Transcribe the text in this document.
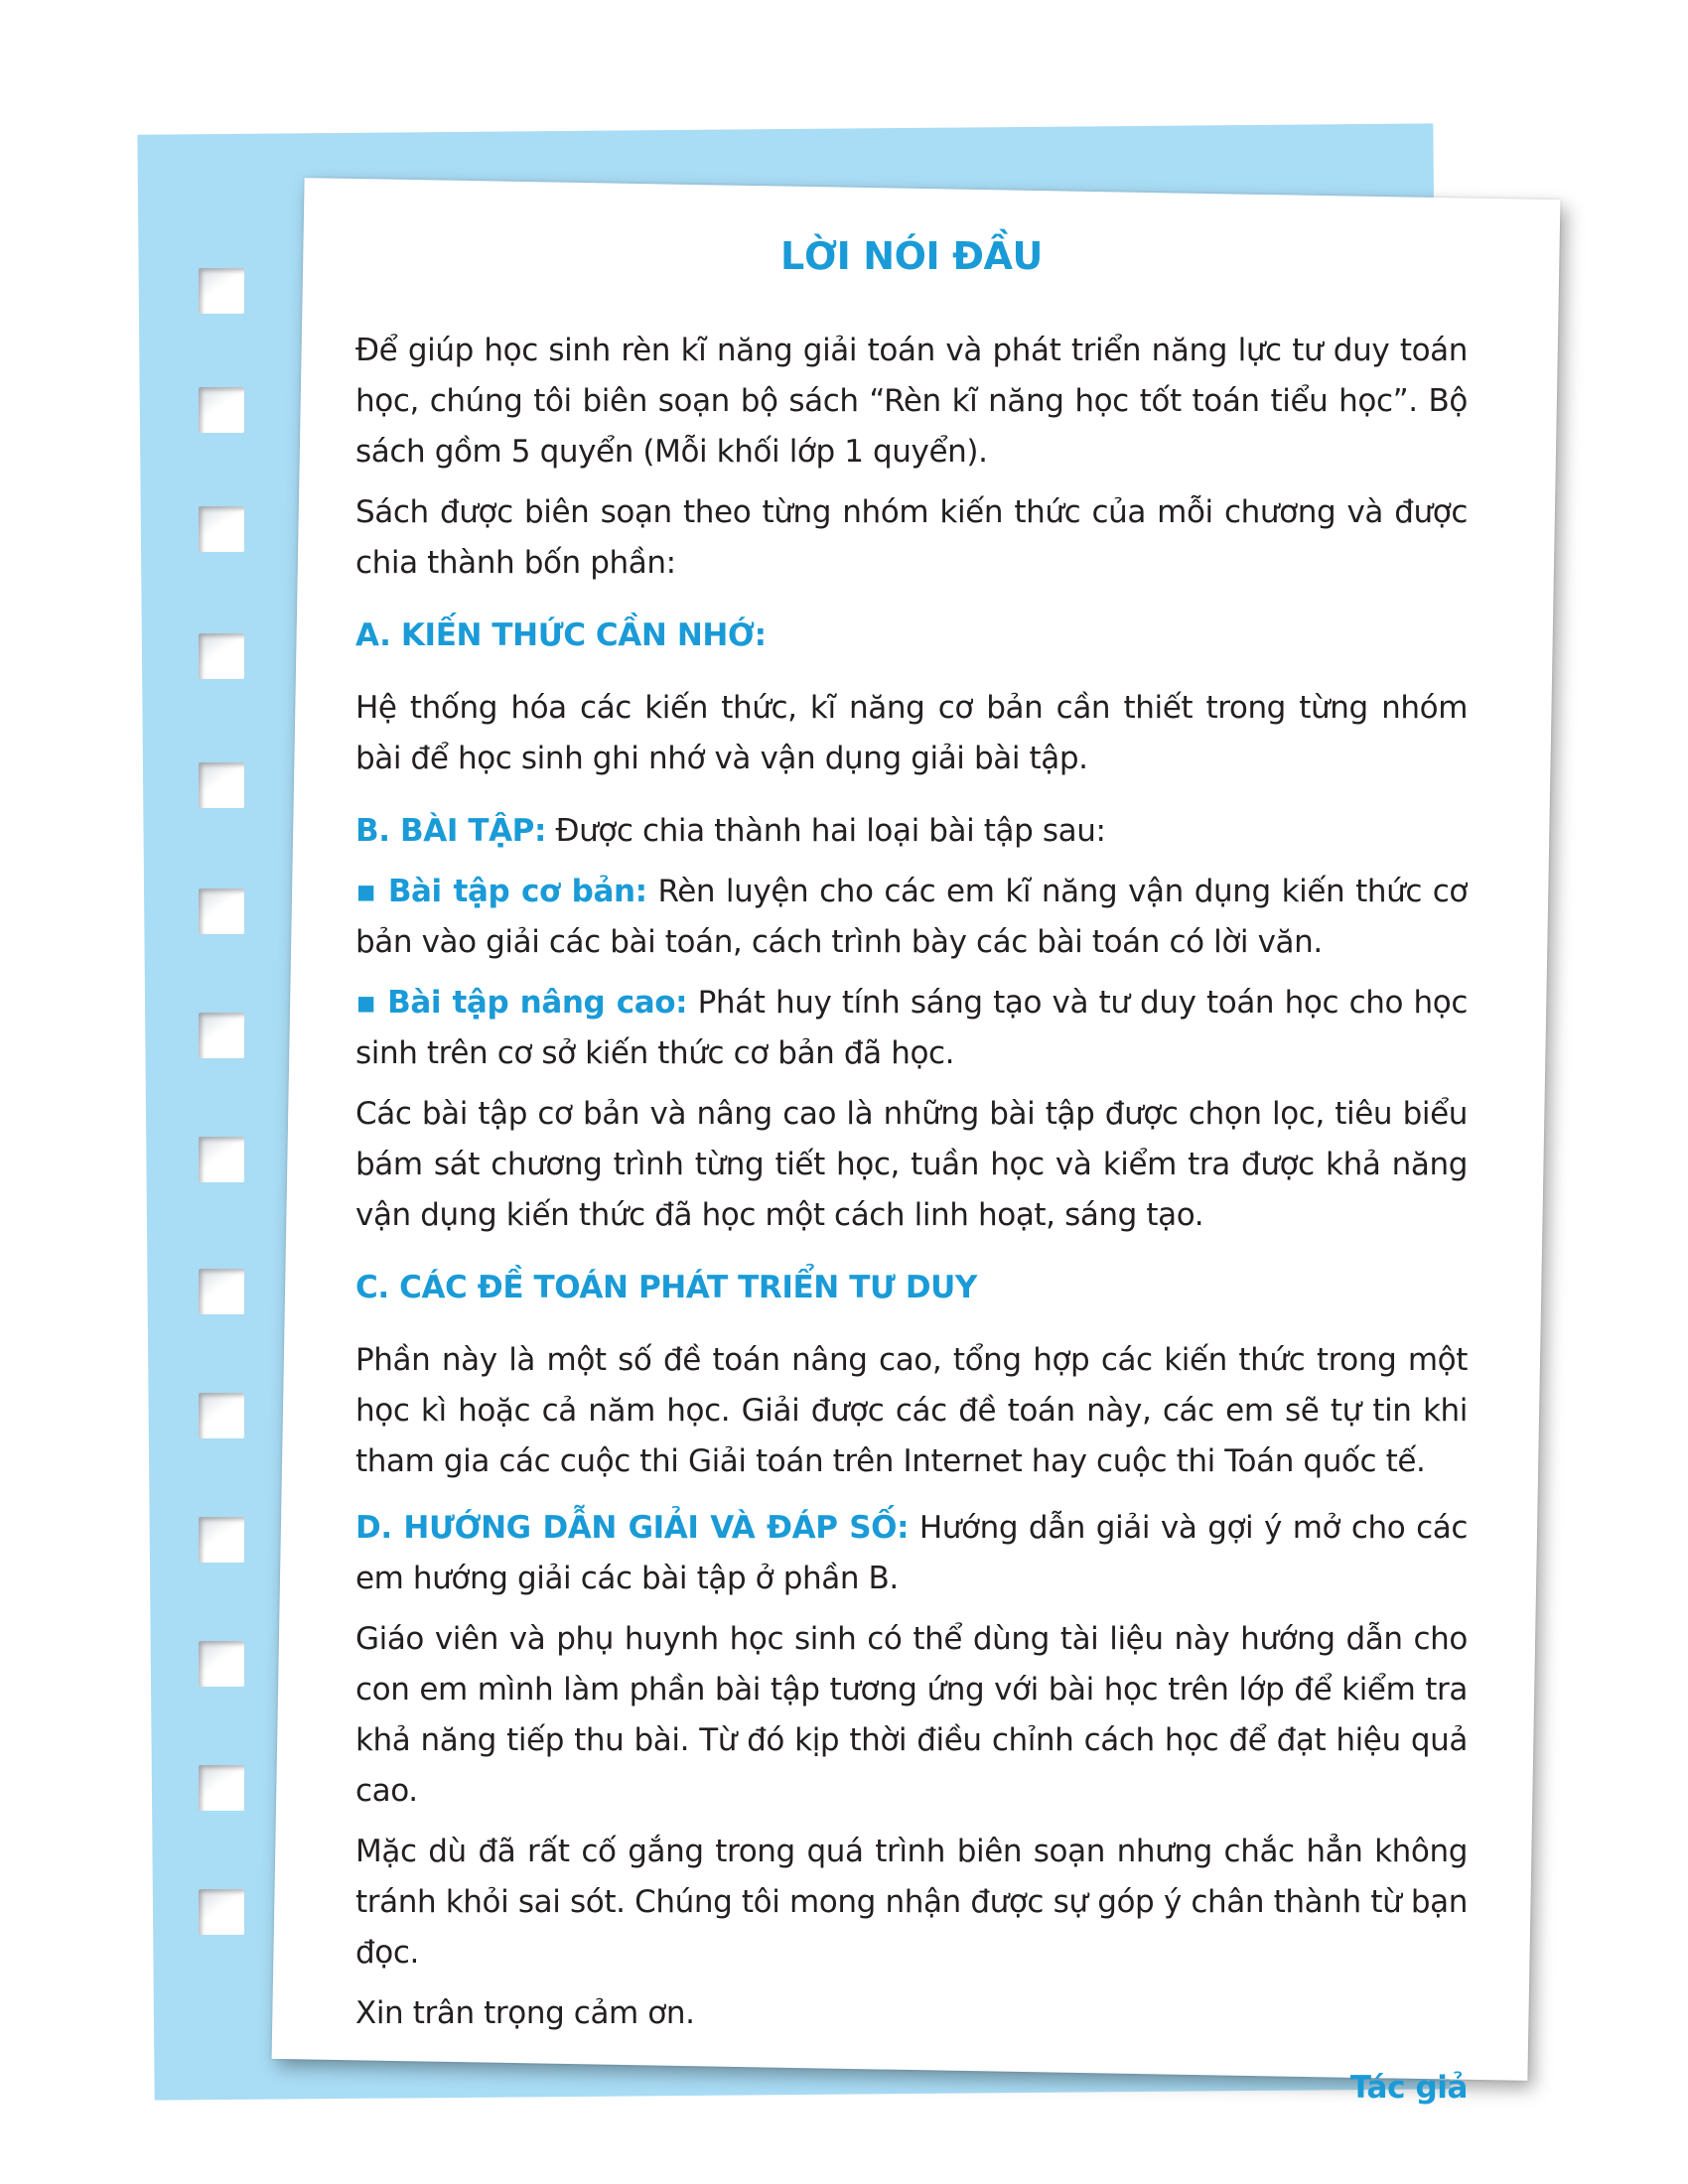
LỜI NÓI ĐẦU

Để giúp học sinh rèn kĩ năng giải toán và phát triển năng lực tư duy toán học, chúng tôi biên soạn bộ sách “Rèn kĩ năng học tốt toán tiểu học”. Bộ sách gồm 5 quyển (Mỗi khối lớp 1 quyển).

Sách được biên soạn theo từng nhóm kiến thức của mỗi chương và được chia thành bốn phần:

A. KIẾN THỨC CẦN NHỚ:

Hệ thống hóa các kiến thức, kĩ năng cơ bản cần thiết trong từng nhóm bài để học sinh ghi nhớ và vận dụng giải bài tập.

B. BÀI TẬP: Được chia thành hai loại bài tập sau:

▪ Bài tập cơ bản: Rèn luyện cho các em kĩ năng vận dụng kiến thức cơ bản vào giải các bài toán, cách trình bày các bài toán có lời văn.

▪ Bài tập nâng cao: Phát huy tính sáng tạo và tư duy toán học cho học sinh trên cơ sở kiến thức cơ bản đã học.

Các bài tập cơ bản và nâng cao là những bài tập được chọn lọc, tiêu biểu bám sát chương trình từng tiết học, tuần học và kiểm tra được khả năng vận dụng kiến thức đã học một cách linh hoạt, sáng tạo.

C. CÁC ĐỀ TOÁN PHÁT TRIỂN TƯ DUY

Phần này là một số đề toán nâng cao, tổng hợp các kiến thức trong một học kì hoặc cả năm học. Giải được các đề toán này, các em sẽ tự tin khi tham gia các cuộc thi Giải toán trên Internet hay cuộc thi Toán quốc tế.

D. HƯỚNG DẪN GIẢI VÀ ĐÁP SỐ: Hướng dẫn giải và gợi ý mở cho các em hướng giải các bài tập ở phần B.

Giáo viên và phụ huynh học sinh có thể dùng tài liệu này hướng dẫn cho con em mình làm phần bài tập tương ứng với bài học trên lớp để kiểm tra khả năng tiếp thu bài. Từ đó kịp thời điều chỉnh cách học để đạt hiệu quả cao.

Mặc dù đã rất cố gắng trong quá trình biên soạn nhưng chắc hẳn không tránh khỏi sai sót. Chúng tôi mong nhận được sự góp ý chân thành từ bạn đọc.

Xin trân trọng cảm ơn.

Tác giả
